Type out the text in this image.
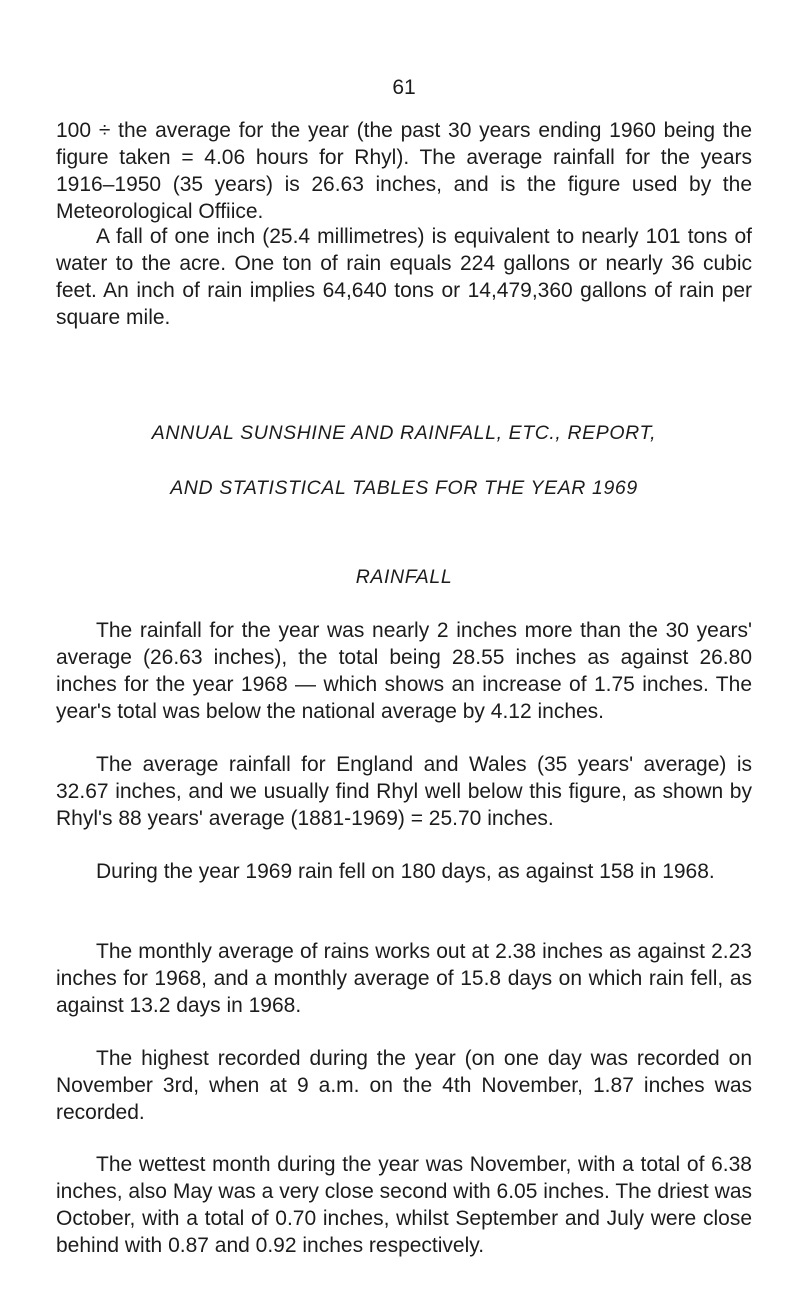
61

100 ÷ the average for the year (the past 30 years ending 1960 being the figure taken = 4.06 hours for Rhyl). The average rainfall for the years 1916–1950 (35 years) is 26.63 inches, and is the figure used by the Meteorological Offiice.

A fall of one inch (25.4 millimetres) is equivalent to nearly 101 tons of water to the acre. One ton of rain equals 224 gallons or nearly 36 cubic feet. An inch of rain implies 64,640 tons or 14,479,360 gallons of rain per square mile.

ANNUAL SUNSHINE AND RAINFALL, ETC., REPORT,

AND STATISTICAL TABLES FOR THE YEAR 1969

RAINFALL

The rainfall for the year was nearly 2 inches more than the 30 years' average (26.63 inches), the total being 28.55 inches as against 26.80 inches for the year 1968 — which shows an increase of 1.75 inches. The year's total was below the national average by 4.12 inches.

The average rainfall for England and Wales (35 years' average) is 32.67 inches, and we usually find Rhyl well below this figure, as shown by Rhyl's 88 years' average (1881-1969) = 25.70 inches.

During the year 1969 rain fell on 180 days, as against 158 in 1968.

The monthly average of rains works out at 2.38 inches as against 2.23 inches for 1968, and a monthly average of 15.8 days on which rain fell, as against 13.2 days in 1968.

The highest recorded during the year (on one day was recorded on November 3rd, when at 9 a.m. on the 4th November, 1.87 inches was recorded.

The wettest month during the year was November, with a total of 6.38 inches, also May was a very close second with 6.05 inches. The driest was October, with a total of 0.70 inches, whilst September and July were close behind with 0.87 and 0.92 inches respectively.
